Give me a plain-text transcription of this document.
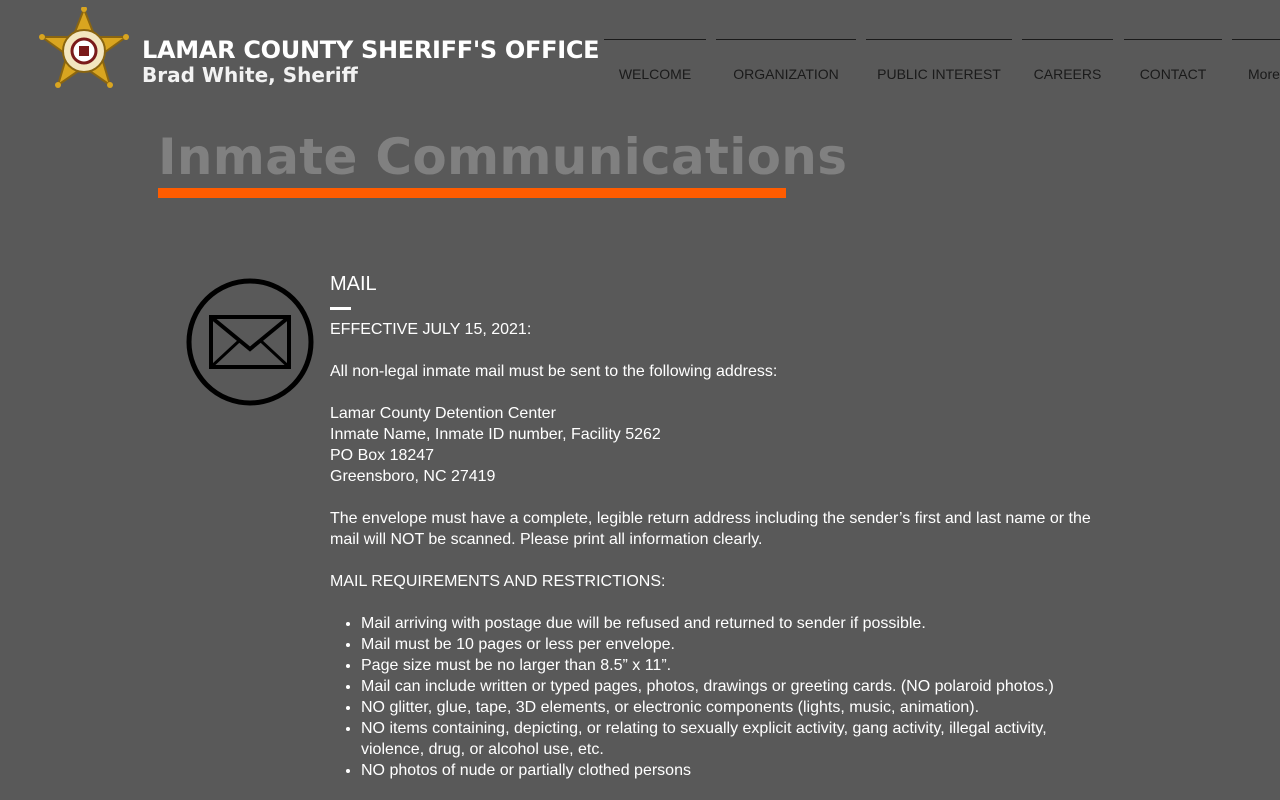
LAMAR COUNTY SHERIFF'S OFFICE
Brad White, Sheriff	WELCOME	ORGANIZATION	PUBLIC INTEREST	CAREERS	CONTACT	More
Inmate Communications
MAIL

EFFECTIVE JULY 15, 2021:

All non-legal inmate mail must be sent to the following address:

Lamar County Detention Center

Inmate Name, Inmate ID number, Facility 5262

PO Box 18247

Greensboro, NC 27419

The envelope must have a complete, legible return address including the sender’s first and last name or the mail will NOT be scanned. Please print all information clearly.

MAIL REQUIREMENTS AND RESTRICTIONS:

• Mail arriving with postage due will be refused and returned to sender if possible.
• Mail must be 10 pages or less per envelope.
• Page size must be no larger than 8.5” x 11”.
• Mail can include written or typed pages, photos, drawings or greeting cards. (NO polaroid photos.)
• NO glitter, glue, tape, 3D elements, or electronic components (lights, music, animation).
• NO items containing, depicting, or relating to sexually explicit activity, gang activity, illegal activity, violence, drug, or alcohol use, etc.
• NO photos of nude or partially clothed persons
